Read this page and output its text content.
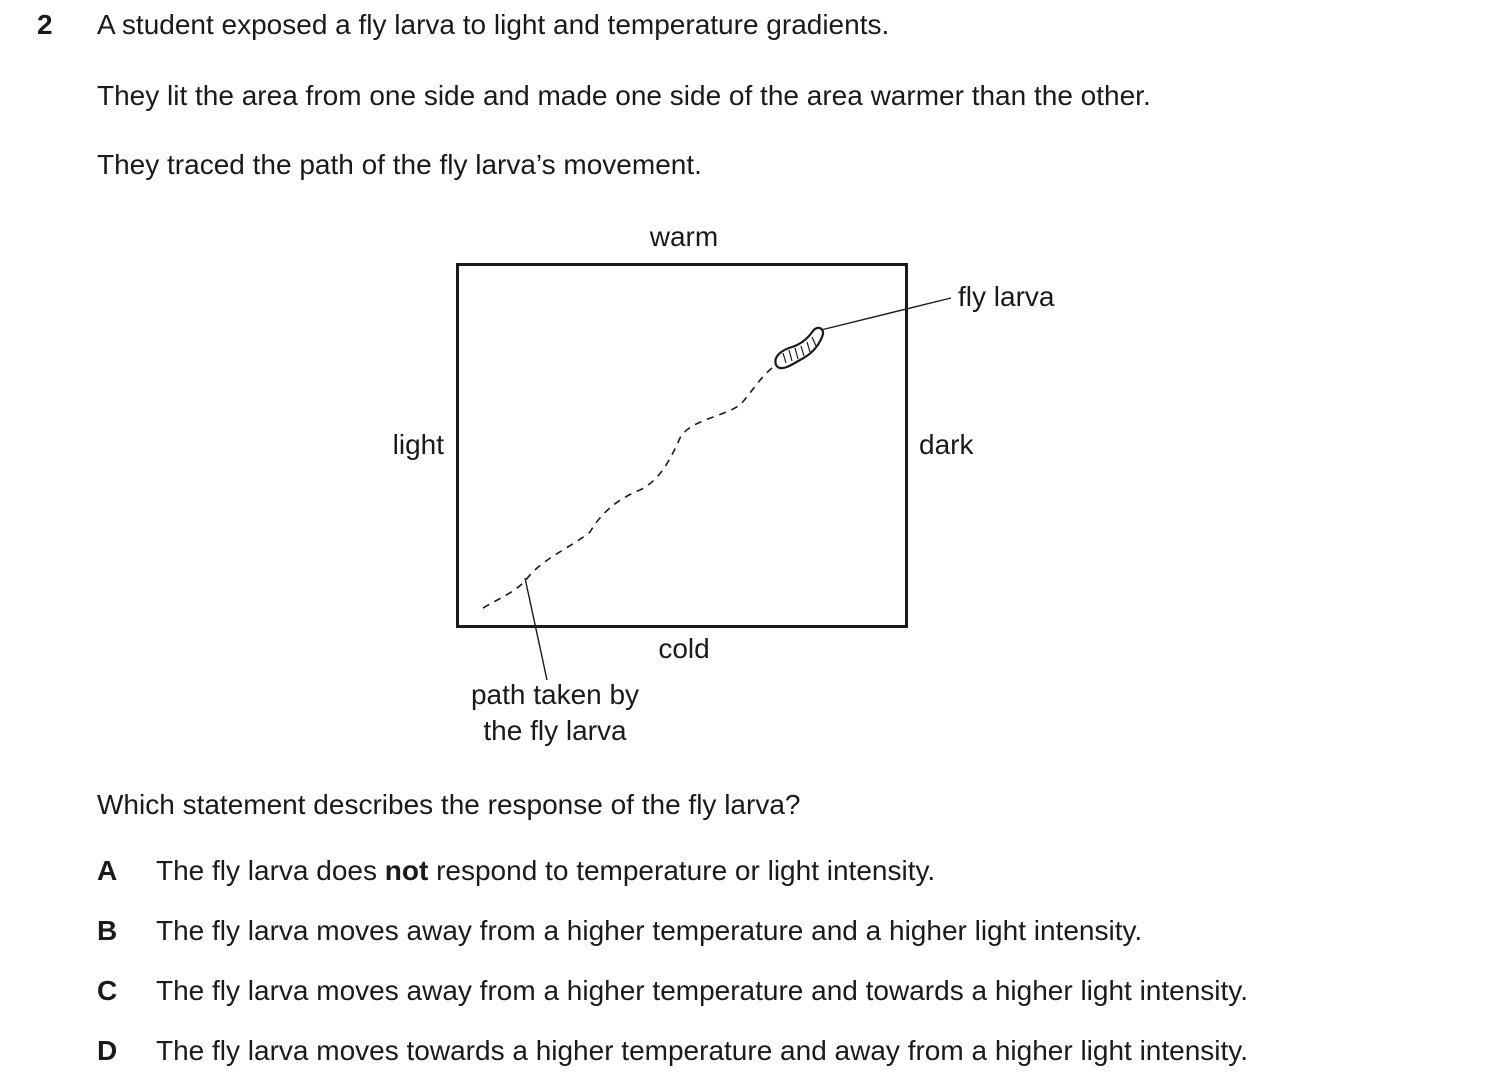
2 A student exposed a fly larva to light and temperature gradients.
They lit the area from one side and made one side of the area warmer than the other.
They traced the path of the fly larva’s movement.
warm
cold
light	dark
fly larva
path taken by
the fly larva
Which statement describes the response of the fly larva?
A The fly larva does not respond to temperature or light intensity.
B The fly larva moves away from a higher temperature and a higher light intensity.
C The fly larva moves away from a higher temperature and towards a higher light intensity.
D The fly larva moves towards a higher temperature and away from a higher light intensity.
